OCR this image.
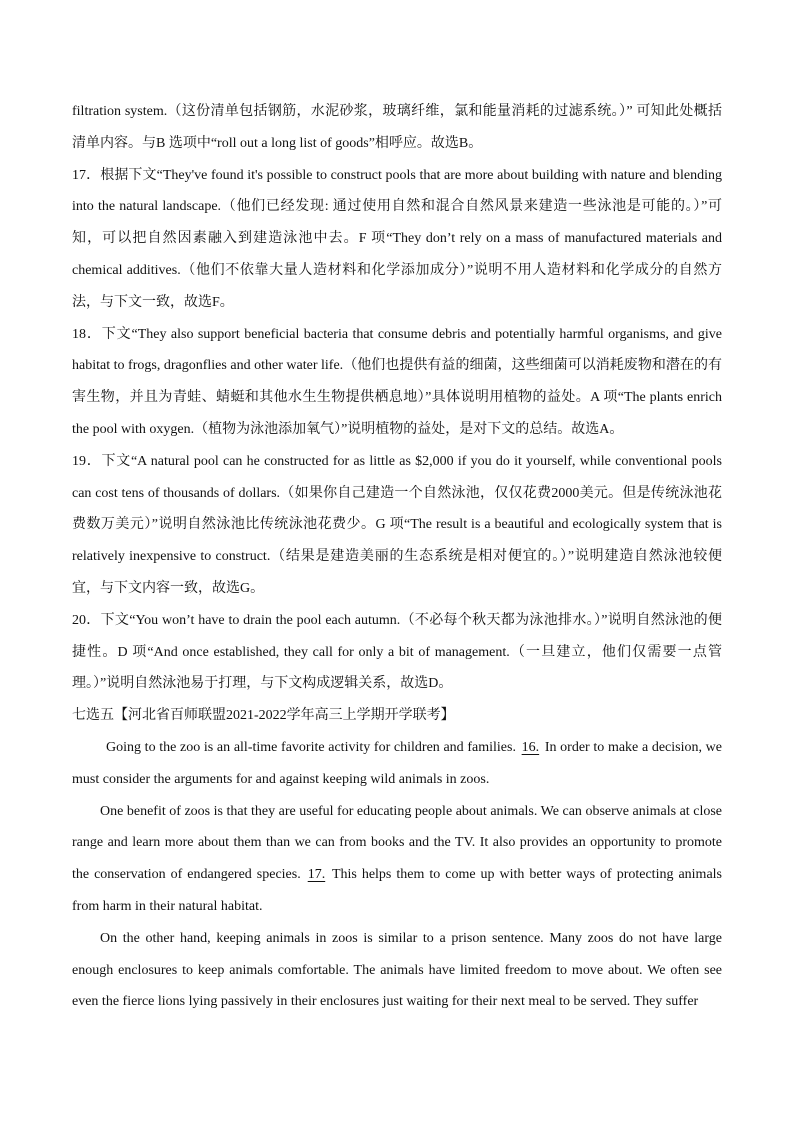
filtration system.（这份清单包括钢筋，水泥砂浆，玻璃纤维，氯和能量消耗的过滤系统。）” 可知此处概括清单内容。与B 选项中“roll out a long list of goods”相呼应。故选B。

17．根据下文“They've found it's possible to construct pools that are more about building with nature and blending into the natural landscape.（他们已经发现: 通过使用自然和混合自然风景来建造一些泳池是可能的。）”可知，可以把自然因素融入到建造泳池中去。F 项“They don’t rely on a mass of manufactured materials and chemical additives.（他们不依靠大量人造材料和化学添加成分）”说明不用人造材料和化学成分的自然方法，与下文一致，故选F。

18．下文“They also support beneficial bacteria that consume debris and potentially harmful organisms, and give habitat to frogs, dragonflies and other water life.（他们也提供有益的细菌，这些细菌可以消耗废物和潜在的有害生物，并且为青蛙、蜻蜓和其他水生生物提供栖息地）”具体说明用植物的益处。A 项“The plants enrich the pool with oxygen.（植物为泳池添加氧气）”说明植物的益处，是对下文的总结。故选A。

19．下文“A natural pool can he constructed for as little as $2,000 if you do it yourself, while conventional pools can cost tens of thousands of dollars.（如果你自己建造一个自然泳池，仅仅花费2000美元。但是传统泳池花费数万美元）”说明自然泳池比传统泳池花费少。G 项“The result is a beautiful and ecologically system that is relatively inexpensive to construct.（结果是建造美丽的生态系统是相对便宜的。）”说明建造自然泳池较便宜，与下文内容一致，故选G。

20．下文“You won’t have to drain the pool each autumn.（不必每个秋天都为泳池排水。）”说明自然泳池的便捷性。D 项“And once established, they call for only a bit of management.（一旦建立，他们仅需要一点管理。）”说明自然泳池易于打理，与下文构成逻辑关系，故选D。

七选五【河北省百师联盟2021-2022学年高三上学期开学联考】

Going to the zoo is an all-time favorite activity for children and families. 16. In order to make a decision, we must consider the arguments for and against keeping wild animals in zoos.

One benefit of zoos is that they are useful for educating people about animals. We can observe animals at close range and learn more about them than we can from books and the TV. It also provides an opportunity to promote the conservation of endangered species. 17. This helps them to come up with better ways of protecting animals from harm in their natural habitat.

On the other hand, keeping animals in zoos is similar to a prison sentence. Many zoos do not have large enough enclosures to keep animals comfortable. The animals have limited freedom to move about. We often see even the fierce lions lying passively in their enclosures just waiting for their next meal to be served. They suffer
